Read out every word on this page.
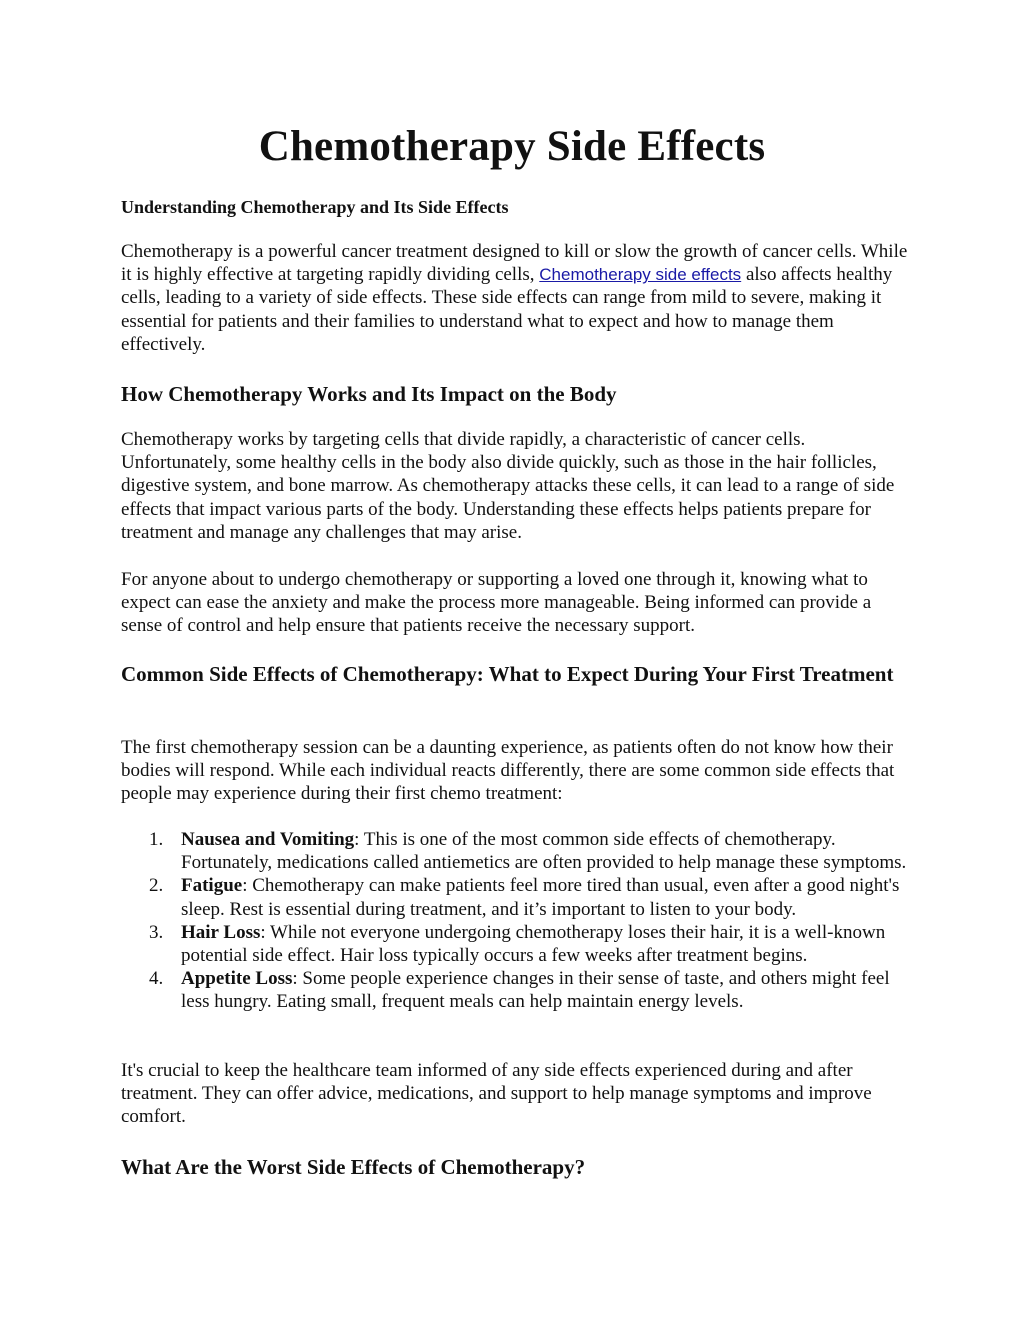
Chemotherapy Side Effects

Understanding Chemotherapy and Its Side Effects

Chemotherapy is a powerful cancer treatment designed to kill or slow the growth of cancer cells. While it is highly effective at targeting rapidly dividing cells, Chemotherapy side effects also affects healthy cells, leading to a variety of side effects. These side effects can range from mild to severe, making it essential for patients and their families to understand what to expect and how to manage them effectively.

How Chemotherapy Works and Its Impact on the Body

Chemotherapy works by targeting cells that divide rapidly, a characteristic of cancer cells. Unfortunately, some healthy cells in the body also divide quickly, such as those in the hair follicles, digestive system, and bone marrow. As chemotherapy attacks these cells, it can lead to a range of side effects that impact various parts of the body. Understanding these effects helps patients prepare for treatment and manage any challenges that may arise.

For anyone about to undergo chemotherapy or supporting a loved one through it, knowing what to expect can ease the anxiety and make the process more manageable. Being informed can provide a sense of control and help ensure that patients receive the necessary support.

Common Side Effects of Chemotherapy: What to Expect During Your First Treatment

The first chemotherapy session can be a daunting experience, as patients often do not know how their bodies will respond. While each individual reacts differently, there are some common side effects that people may experience during their first chemo treatment:

1. Nausea and Vomiting: This is one of the most common side effects of chemotherapy. Fortunately, medications called antiemetics are often provided to help manage these symptoms.
2. Fatigue: Chemotherapy can make patients feel more tired than usual, even after a good night's sleep. Rest is essential during treatment, and it’s important to listen to your body.
3. Hair Loss: While not everyone undergoing chemotherapy loses their hair, it is a well-known potential side effect. Hair loss typically occurs a few weeks after treatment begins.
4. Appetite Loss: Some people experience changes in their sense of taste, and others might feel less hungry. Eating small, frequent meals can help maintain energy levels.

It's crucial to keep the healthcare team informed of any side effects experienced during and after treatment. They can offer advice, medications, and support to help manage symptoms and improve comfort.

What Are the Worst Side Effects of Chemotherapy?
